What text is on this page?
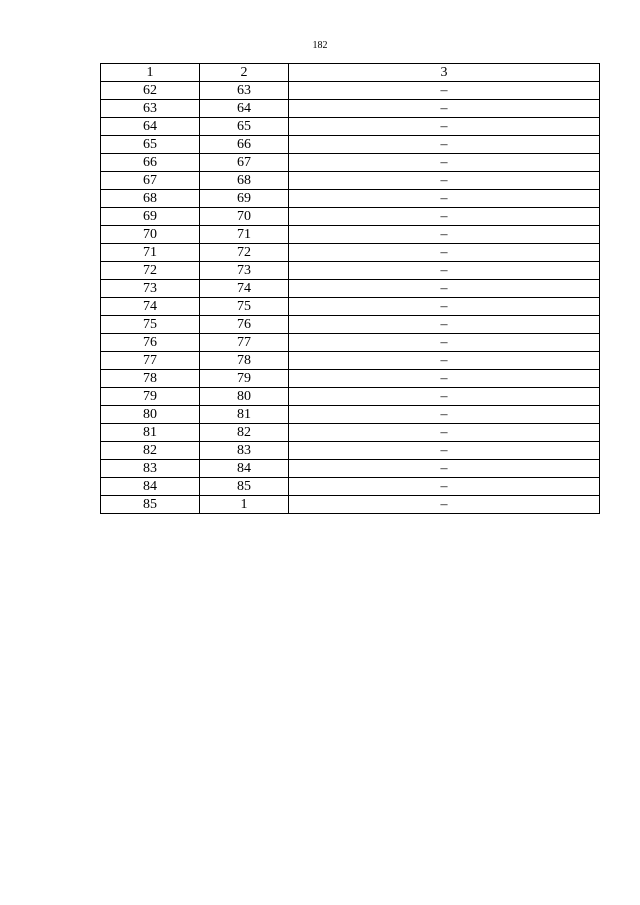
182
1	2	3
62	63	–
63	64	–
64	65	–
65	66	–
66	67	–
67	68	–
68	69	–
69	70	–
70	71	–
71	72	–
72	73	–
73	74	–
74	75	–
75	76	–
76	77	–
77	78	–
78	79	–
79	80	–
80	81	–
81	82	–
82	83	–
83	84	–
84	85	–
85	1	–
